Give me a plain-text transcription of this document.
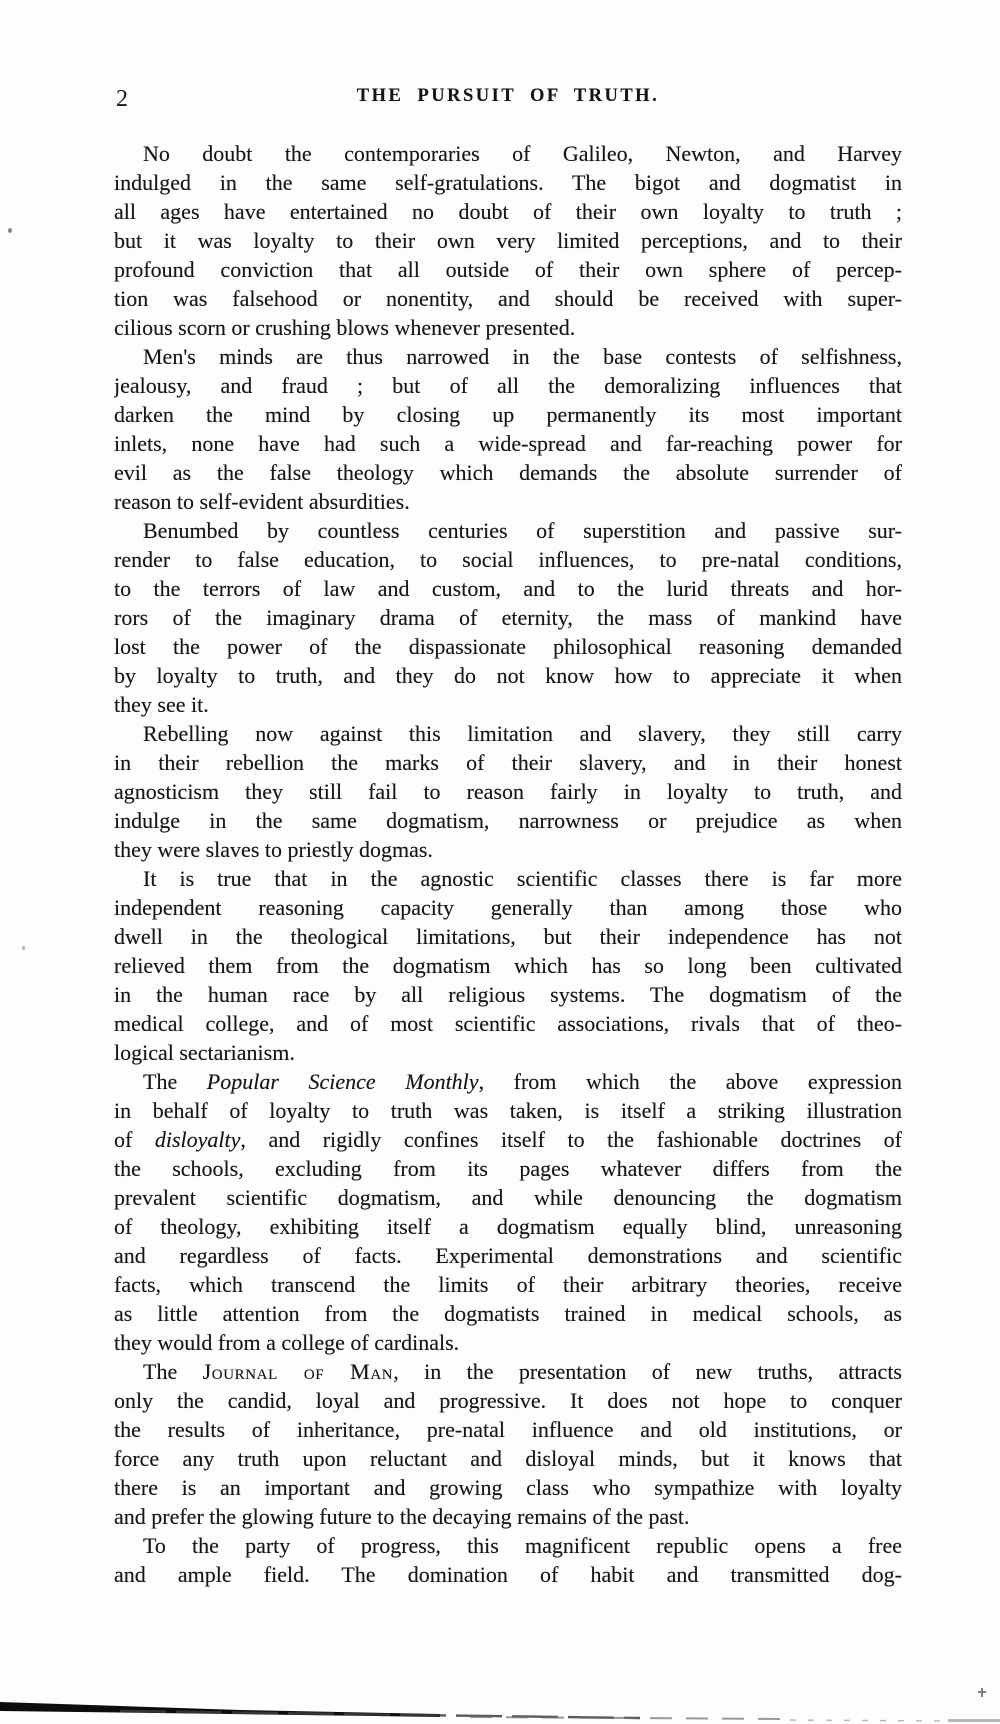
2	THE PURSUIT OF TRUTH.
No doubt the contemporaries of Galileo, Newton, and Harvey
indulged in the same self-gratulations. The bigot and dogmatist in
all ages have entertained no doubt of their own loyalty to truth ;
but it was loyalty to their own very limited perceptions, and to their
profound conviction that all outside of their own sphere of percep-
tion was falsehood or nonentity, and should be received with super-
cilious scorn or crushing blows whenever presented.
Men's minds are thus narrowed in the base contests of selfishness,
jealousy, and fraud ; but of all the demoralizing influences that
darken the mind by closing up permanently its most important
inlets, none have had such a wide-spread and far-reaching power for
evil as the false theology which demands the absolute surrender of
reason to self-evident absurdities.
Benumbed by countless centuries of superstition and passive sur-
render to false education, to social influences, to pre-natal conditions,
to the terrors of law and custom, and to the lurid threats and hor-
rors of the imaginary drama of eternity, the mass of mankind have
lost the power of the dispassionate philosophical reasoning demanded
by loyalty to truth, and they do not know how to appreciate it when
they see it.
Rebelling now against this limitation and slavery, they still carry
in their rebellion the marks of their slavery, and in their honest
agnosticism they still fail to reason fairly in loyalty to truth, and
indulge in the same dogmatism, narrowness or prejudice as when
they were slaves to priestly dogmas.
It is true that in the agnostic scientific classes there is far more
independent reasoning capacity generally than among those who
dwell in the theological limitations, but their independence has not
relieved them from the dogmatism which has so long been cultivated
in the human race by all religious systems. The dogmatism of the
medical college, and of most scientific associations, rivals that of theo-
logical sectarianism.
The Popular Science Monthly, from which the above expression
in behalf of loyalty to truth was taken, is itself a striking illustration
of disloyalty, and rigidly confines itself to the fashionable doctrines of
the schools, excluding from its pages whatever differs from the
prevalent scientific dogmatism, and while denouncing the dogmatism
of theology, exhibiting itself a dogmatism equally blind, unreasoning
and regardless of facts. Experimental demonstrations and scientific
facts, which transcend the limits of their arbitrary theories, receive
as little attention from the dogmatists trained in medical schools, as
they would from a college of cardinals.
The Journal of Man, in the presentation of new truths, attracts
only the candid, loyal and progressive. It does not hope to conquer
the results of inheritance, pre-natal influence and old institutions, or
force any truth upon reluctant and disloyal minds, but it knows that
there is an important and growing class who sympathize with loyalty
and prefer the glowing future to the decaying remains of the past.
To the party of progress, this magnificent republic opens a free
and ample field. The domination of habit and transmitted dog-
